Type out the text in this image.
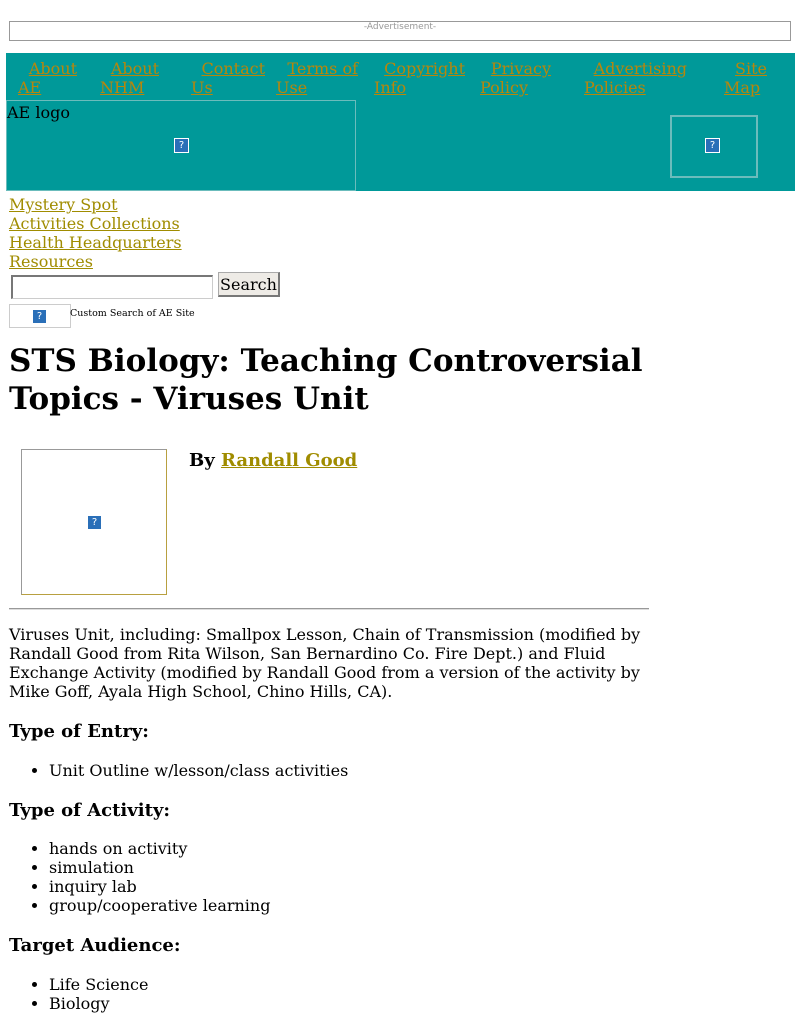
-Advertisement-
About
AE
About
NHM
Contact
Us
Terms of
Use
Copyright
Info
Privacy
Policy
Advertising
Policies
Site
Map
AE logo
?	?
Mystery Spot
Activities Collections
Health Headquarters
Resources
Search
?	Custom Search of AE Site
STS Biology: Teaching Controversial Topics - Viruses Unit
?
By Randall Good
Viruses Unit, including: Smallpox Lesson, Chain of Transmission (modified by Randall Good from Rita Wilson, San Bernardino Co. Fire Dept.) and Fluid Exchange Activity (modified by Randall Good from a version of the activity by Mike Goff, Ayala High School, Chino Hills, CA).
Type of Entry:
• Unit Outline w/lesson/class activities
Type of Activity:
• hands on activity
• simulation
• inquiry lab
• group/cooperative learning
Target Audience:
• Life Science
• Biology
